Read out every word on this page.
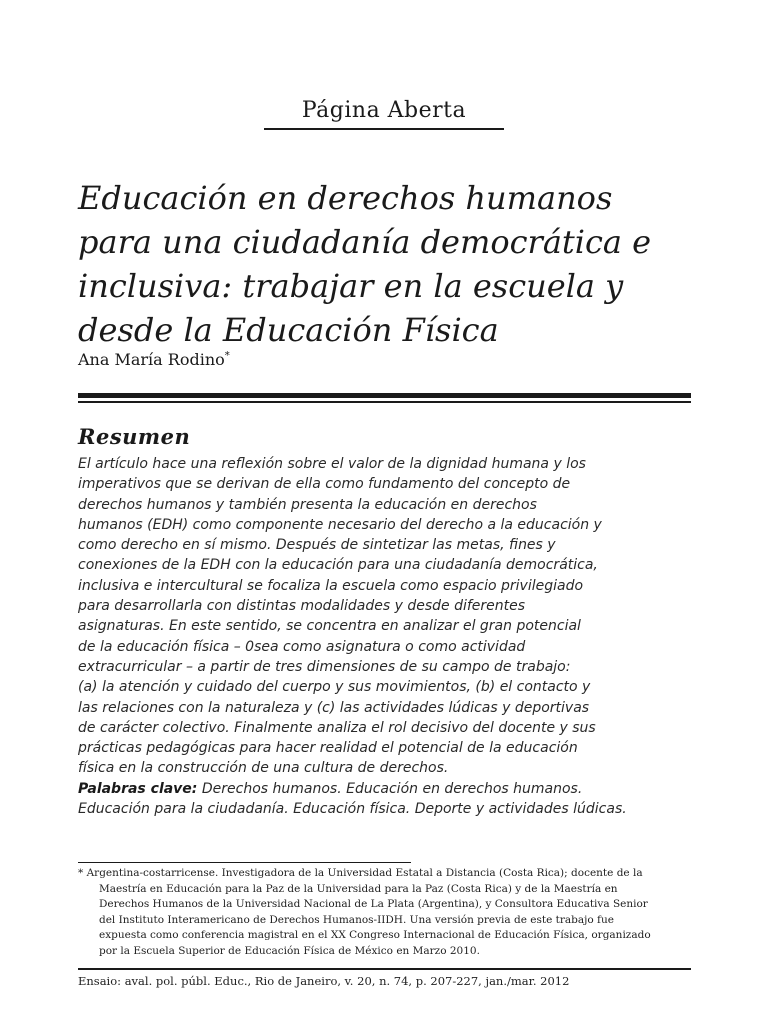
Página Aberta
Educación en derechos humanos
para una ciudadanía democrática e
inclusiva: trabajar en la escuela y
desde la Educación Física
Ana María Rodino*
Resumen
El artículo hace una reflexión sobre el valor de la dignidad humana y los
imperativos que se derivan de ella como fundamento del concepto de
derechos humanos y también presenta la educación en derechos
humanos (EDH) como componente necesario del derecho a la educación y
como derecho en sí mismo. Después de sintetizar las metas, fines y
conexiones de la EDH con la educación para una ciudadanía democrática,
inclusiva e intercultural se focaliza la escuela como espacio privilegiado
para desarrollarla con distintas modalidades y desde diferentes
asignaturas. En este sentido, se concentra en analizar el gran potencial
de la educación física – 0sea como asignatura o como actividad
extracurricular – a partir de tres dimensiones de su campo de trabajo:
(a) la atención y cuidado del cuerpo y sus movimientos, (b) el contacto y
las relaciones con la naturaleza y (c) las actividades lúdicas y deportivas
de carácter colectivo. Finalmente analiza el rol decisivo del docente y sus
prácticas pedagógicas para hacer realidad el potencial de la educación
física en la construcción de una cultura de derechos.
Palabras clave: Derechos humanos. Educación en derechos humanos.
Educación para la ciudadanía. Educación física. Deporte y actividades lúdicas.
* Argentina-costarricense. Investigadora de la Universidad Estatal a Distancia (Costa Rica); docente de la
Maestría en Educación para la Paz de la Universidad para la Paz (Costa Rica) y de la Maestría en
Derechos Humanos de la Universidad Nacional de La Plata (Argentina), y Consultora Educativa Senior
del Instituto Interamericano de Derechos Humanos-IIDH. Una versión previa de este trabajo fue
expuesta como conferencia magistral en el XX Congreso Internacional de Educación Física, organizado
por la Escuela Superior de Educación Física de México en Marzo 2010.
Ensaio: aval. pol. públ. Educ., Rio de Janeiro, v. 20, n. 74, p. 207-227, jan./mar. 2012
